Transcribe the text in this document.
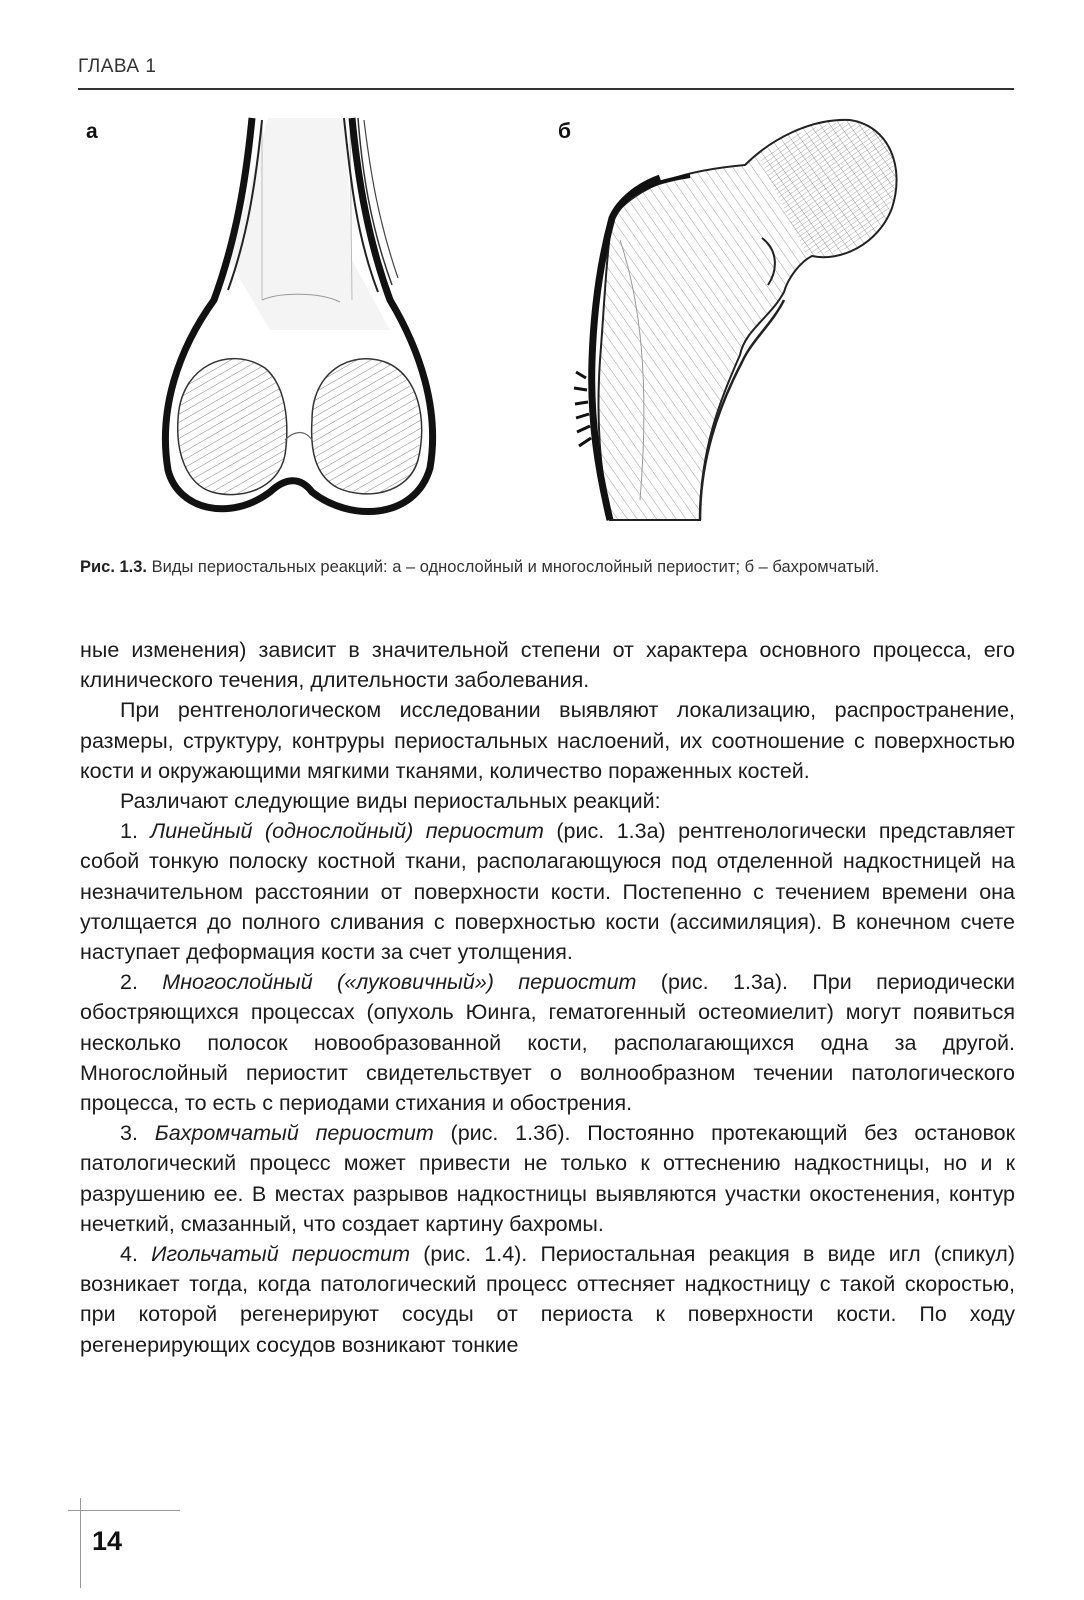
ГЛАВА 1
а	б
Рис. 1.3. Виды периостальных реакций: а – однослойный и многослойный периостит; б – бахромчатый.

ные изменения) зависит в значительной степени от характера основного процесса, его клинического течения, длительности заболевания.

При рентгенологическом исследовании выявляют локализацию, распространение, размеры, структуру, контруры периостальных наслоений, их соотношение с поверхностью кости и окружающими мягкими тканями, количество пораженных костей.

Различают следующие виды периостальных реакций:

1. Линейный (однослойный) периостит (рис. 1.3а) рентгенологически представляет собой тонкую полоску костной ткани, располагающуюся под отделенной надкостницей на незначительном расстоянии от поверхности кости. Постепенно с течением времени она утолщается до полного сливания с поверхностью кости (ассимиляция). В конечном счете наступает деформация кости за счет утолщения.

2. Многослойный («луковичный») периостит (рис. 1.3а). При периодически обостряющихся процессах (опухоль Юинга, гематогенный остеомиелит) могут появиться несколько полосок новообразованной кости, располагающихся одна за другой. Многослойный периостит свидетельствует о волнообразном течении патологического процесса, то есть с периодами стихания и обострения.

3. Бахромчатый периостит (рис. 1.3б). Постоянно протекающий без остановок патологический процесс может привести не только к оттеснению надкостницы, но и к разрушению ее. В местах разрывов надкостницы выявляются участки окостенения, контур нечеткий, смазанный, что создает картину бахромы.

4. Игольчатый периостит (рис. 1.4). Периостальная реакция в виде игл (спикул) возникает тогда, когда патологический процесс оттесняет надкостницу с такой скоростью, при которой регенерируют сосуды от периоста к поверхности кости. По ходу регенерирующих сосудов возникают тонкие

14
